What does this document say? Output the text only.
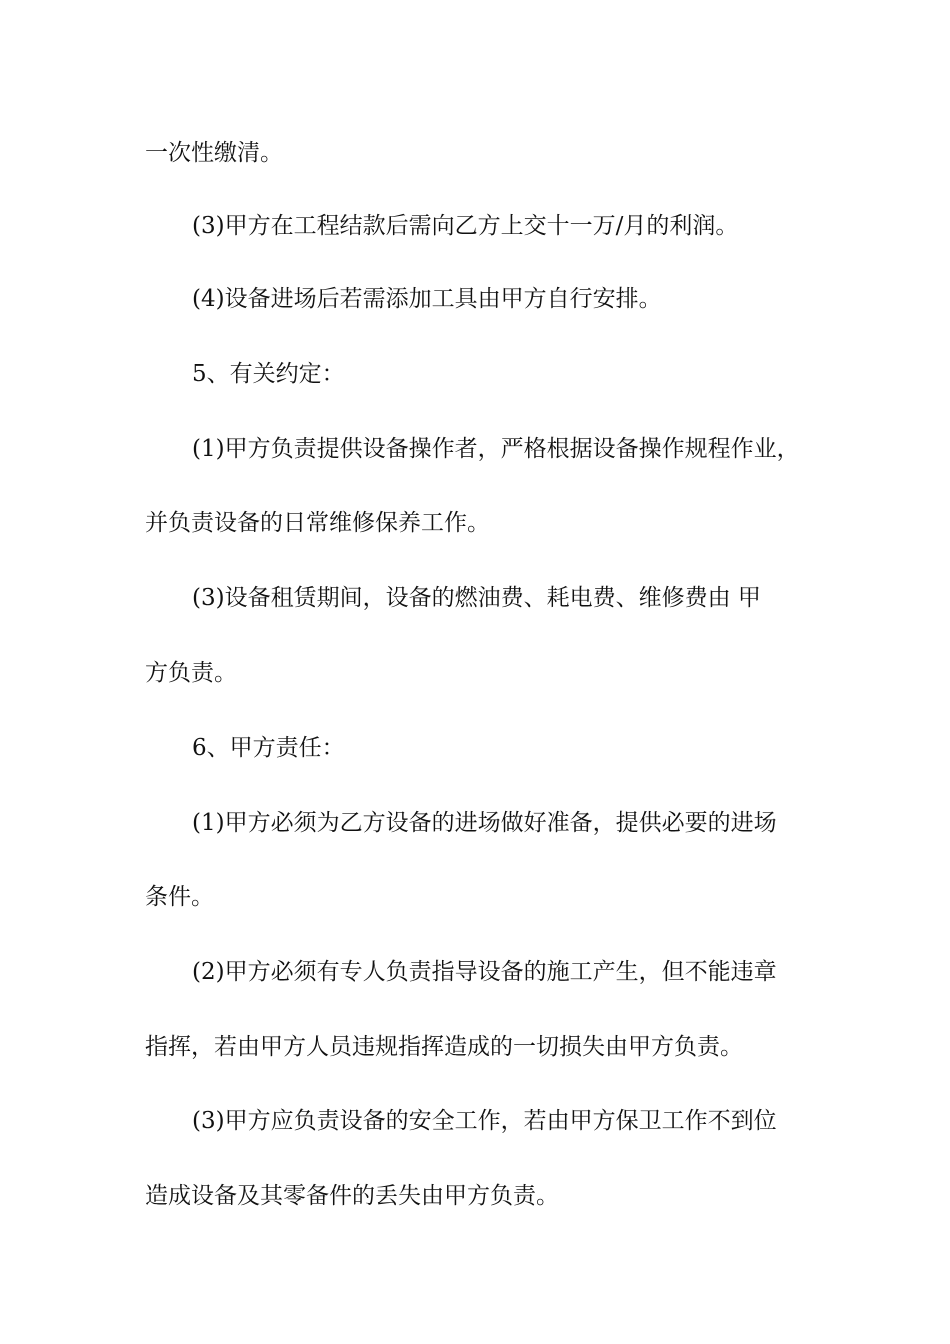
一次性缴清。
(3)甲方在工程结款后需向乙方上交十一万/月的利润。
(4)设备进场后若需添加工具由甲方自行安排。
5、有关约定：
(1)甲方负责提供设备操作者，严格根据设备操作规程作业，
并负责设备的日常维修保养工作。
(3)设备租赁期间，设备的燃油费、耗电费、维修费由 甲
方负责。
6、甲方责任：
(1)甲方必须为乙方设备的进场做好准备，提供必要的进场
条件。
(2)甲方必须有专人负责指导设备的施工产生，但不能违章
指挥，若由甲方人员违规指挥造成的一切损失由甲方负责。
(3)甲方应负责设备的安全工作，若由甲方保卫工作不到位
造成设备及其零备件的丢失由甲方负责。
